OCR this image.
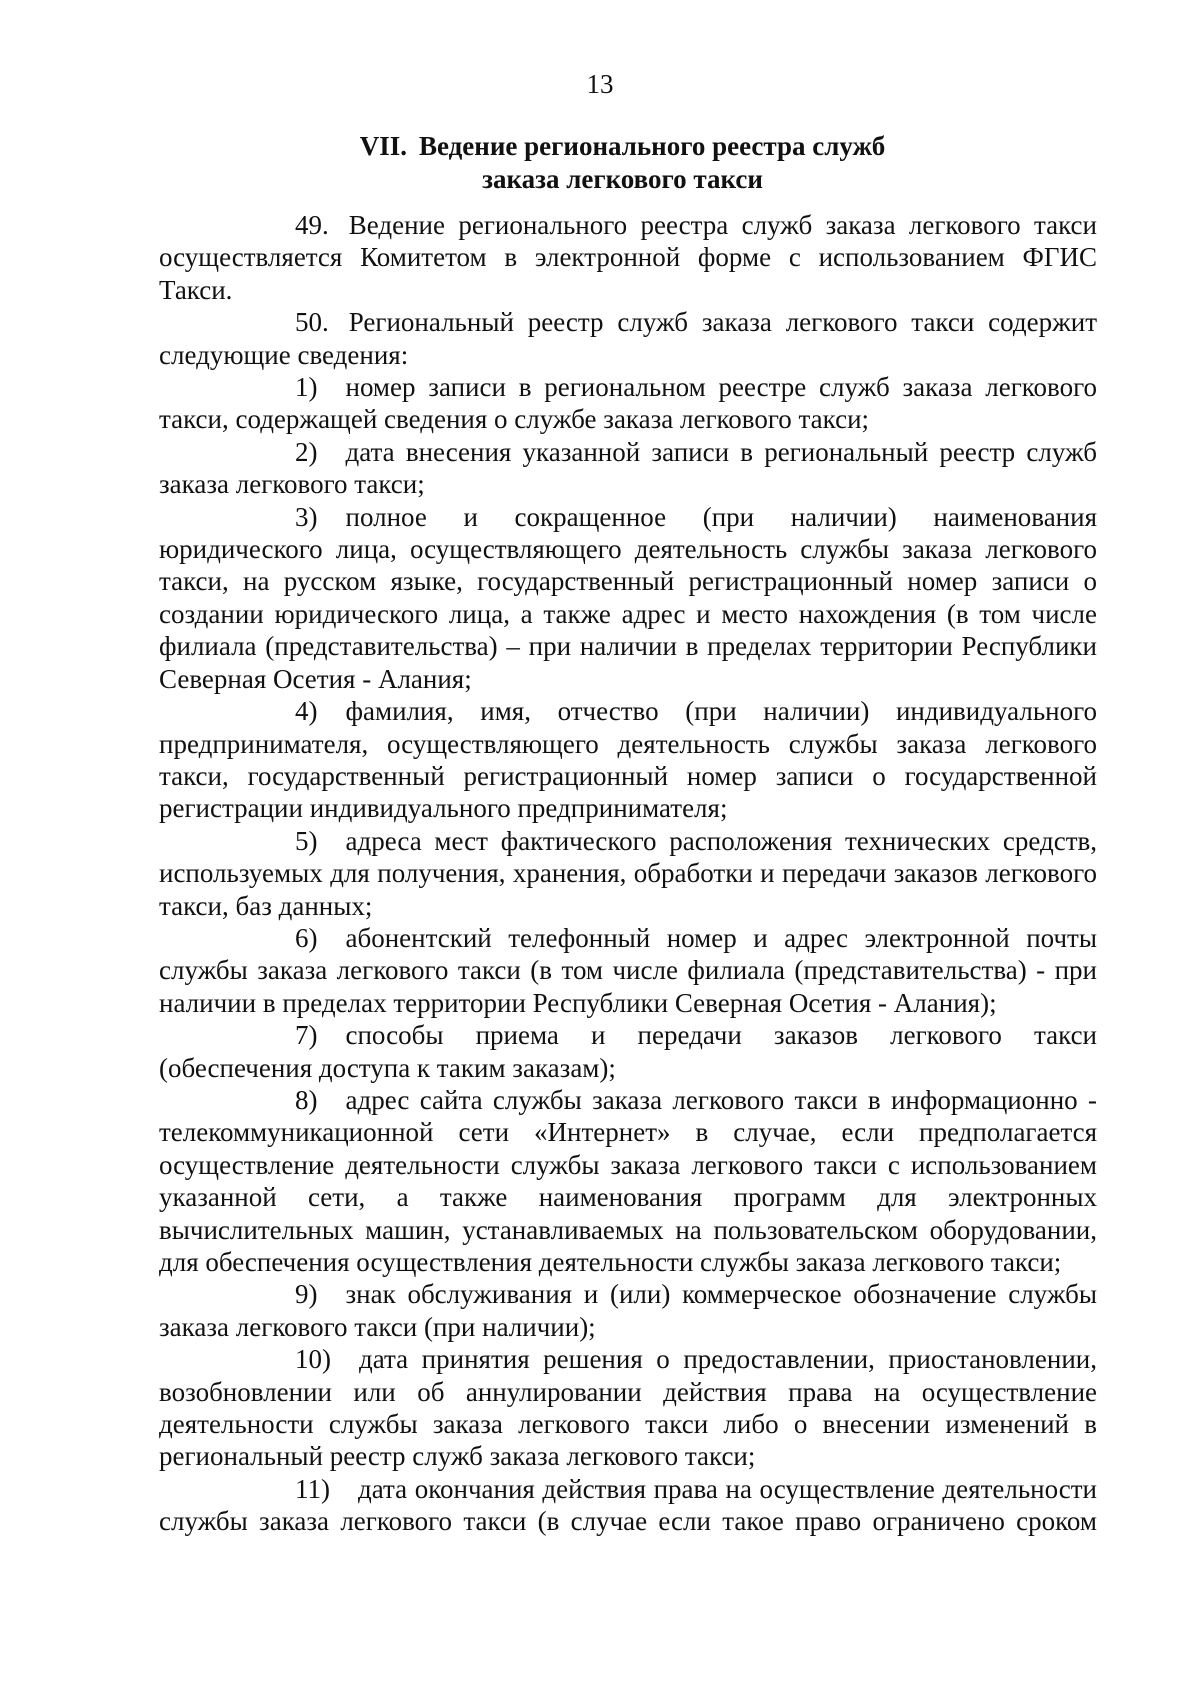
13
VII. Ведение регионального реестра служб
заказа легкового такси

49. Ведение регионального реестра служб заказа легкового такси осуществляется Комитетом в электронной форме с использованием ФГИС Такси.

50. Региональный реестр служб заказа легкового такси содержит следующие сведения:

1) номер записи в региональном реестре служб заказа легкового такси, содержащей сведения о службе заказа легкового такси;

2) дата внесения указанной записи в региональный реестр служб заказа легкового такси;

3) полное и сокращенное (при наличии) наименования юридического лица, осуществляющего деятельность службы заказа легкового такси, на русском языке, государственный регистрационный номер записи о создании юридического лица, а также адрес и место нахождения (в том числе филиала (представительства) – при наличии в пределах территории Республики Северная Осетия - Алания;

4) фамилия, имя, отчество (при наличии) индивидуального предпринимателя, осуществляющего деятельность службы заказа легкового такси, государственный регистрационный номер записи о государственной регистрации индивидуального предпринимателя;

5) адреса мест фактического расположения технических средств, используемых для получения, хранения, обработки и передачи заказов легкового такси, баз данных;

6) абонентский телефонный номер и адрес электронной почты службы заказа легкового такси (в том числе филиала (представительства) - при наличии в пределах территории Республики Северная Осетия - Алания);

7) способы приема и передачи заказов легкового такси (обеспечения доступа к таким заказам);

8) адрес сайта службы заказа легкового такси в информационно - телекоммуникационной сети «Интернет» в случае, если предполагается осуществление деятельности службы заказа легкового такси с использованием указанной сети, а также наименования программ для электронных вычислительных машин, устанавливаемых на пользовательском оборудовании, для обеспечения осуществления деятельности службы заказа легкового такси;

9) знак обслуживания и (или) коммерческое обозначение службы заказа легкового такси (при наличии);

10) дата принятия решения о предоставлении, приостановлении, возобновлении или об аннулировании действия права на осуществление деятельности службы заказа легкового такси либо о внесении изменений в региональный реестр служб заказа легкового такси;

11) дата окончания действия права на осуществление деятельности службы заказа легкового такси (в случае если такое право ограничено сроком
